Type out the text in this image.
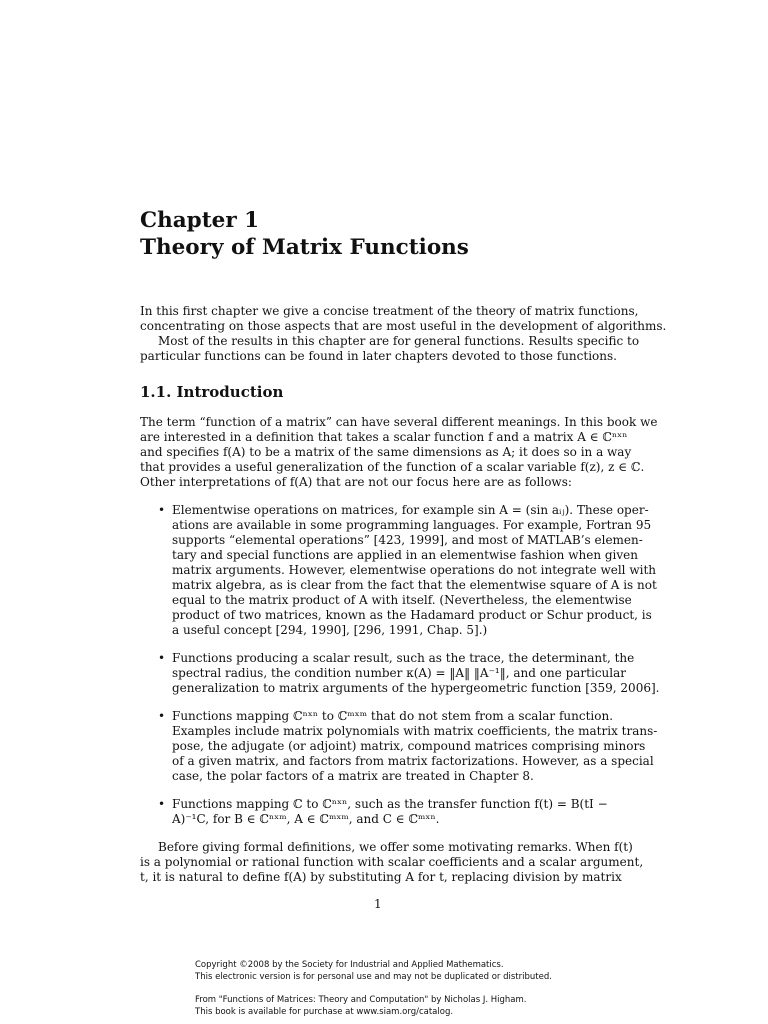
Chapter 1
Theory of Matrix Functions
In this first chapter we give a concise treatment of the theory of matrix functions,
concentrating on those aspects that are most useful in the development of algorithms.
Most of the results in this chapter are for general functions. Results specific to
particular functions can be found in later chapters devoted to those functions.
1.1. Introduction
The term “function of a matrix” can have several different meanings. In this book we
are interested in a definition that takes a scalar function f and a matrix A ∈ ℂⁿˣⁿ
and specifies f(A) to be a matrix of the same dimensions as A; it does so in a way
that provides a useful generalization of the function of a scalar variable f(z), z ∈ ℂ.
Other interpretations of f(A) that are not our focus here are as follows:
• Elementwise operations on matrices, for example sin A = (sin aᵢⱼ). These oper-
ations are available in some programming languages. For example, Fortran 95
supports “elemental operations” [423, 1999], and most of MATLAB’s elemen-
tary and special functions are applied in an elementwise fashion when given
matrix arguments. However, elementwise operations do not integrate well with
matrix algebra, as is clear from the fact that the elementwise square of A is not
equal to the matrix product of A with itself. (Nevertheless, the elementwise
product of two matrices, known as the Hadamard product or Schur product, is
a useful concept [294, 1990], [296, 1991, Chap. 5].)
• Functions producing a scalar result, such as the trace, the determinant, the
spectral radius, the condition number κ(A) = ‖A‖ ‖A⁻¹‖, and one particular
generalization to matrix arguments of the hypergeometric function [359, 2006].
• Functions mapping ℂⁿˣⁿ to ℂᵐˣᵐ that do not stem from a scalar function.
Examples include matrix polynomials with matrix coefficients, the matrix trans-
pose, the adjugate (or adjoint) matrix, compound matrices comprising minors
of a given matrix, and factors from matrix factorizations. However, as a special
case, the polar factors of a matrix are treated in Chapter 8.
• Functions mapping ℂ to ℂⁿˣⁿ, such as the transfer function f(t) = B(tI −
A)⁻¹C, for B ∈ ℂⁿˣᵐ, A ∈ ℂᵐˣᵐ, and C ∈ ℂᵐˣⁿ.
Before giving formal definitions, we offer some motivating remarks. When f(t)
is a polynomial or rational function with scalar coefficients and a scalar argument,
t, it is natural to define f(A) by substituting A for t, replacing division by matrix
1
Copyright ©2008 by the Society for Industrial and Applied Mathematics.
This electronic version is for personal use and may not be duplicated or distributed.
From "Functions of Matrices: Theory and Computation" by Nicholas J. Higham.
This book is available for purchase at www.siam.org/catalog.
